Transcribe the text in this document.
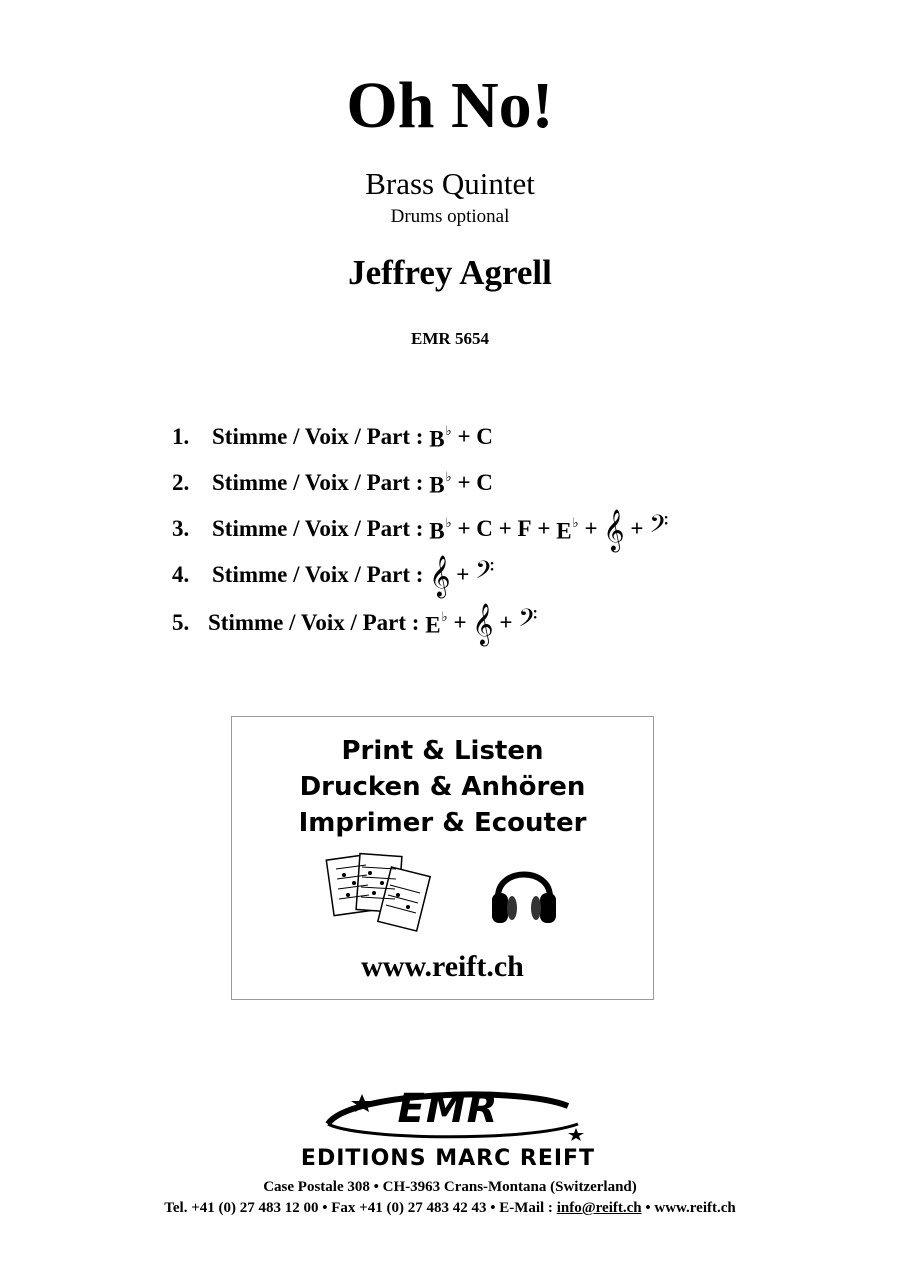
Oh No!
Brass Quintet
Drums optional
Jeffrey Agrell
EMR 5654
1. Stimme / Voix / Part :
B♭
+
C
2. Stimme / Voix / Part :
B♭
+
C
3. Stimme / Voix / Part :
B♭
+
C
+
F
+
E♭
+
𝄞
+
𝄢
4. Stimme / Voix / Part :
𝄞
+
𝄢
5. Stimme / Voix / Part :
E♭
+
𝄞
+
𝄢
Print & Listen
Drucken & Anhören
Imprimer & Ecouter
www.reift.ch
EMR
EDITIONS MARC REIFT
Case Postale 308 • CH-3963 Crans-Montana (Switzerland)
Tel. +41 (0) 27 483 12 00 • Fax +41 (0) 27 483 42 43 • E-Mail : info@reift.ch • www.reift.ch
